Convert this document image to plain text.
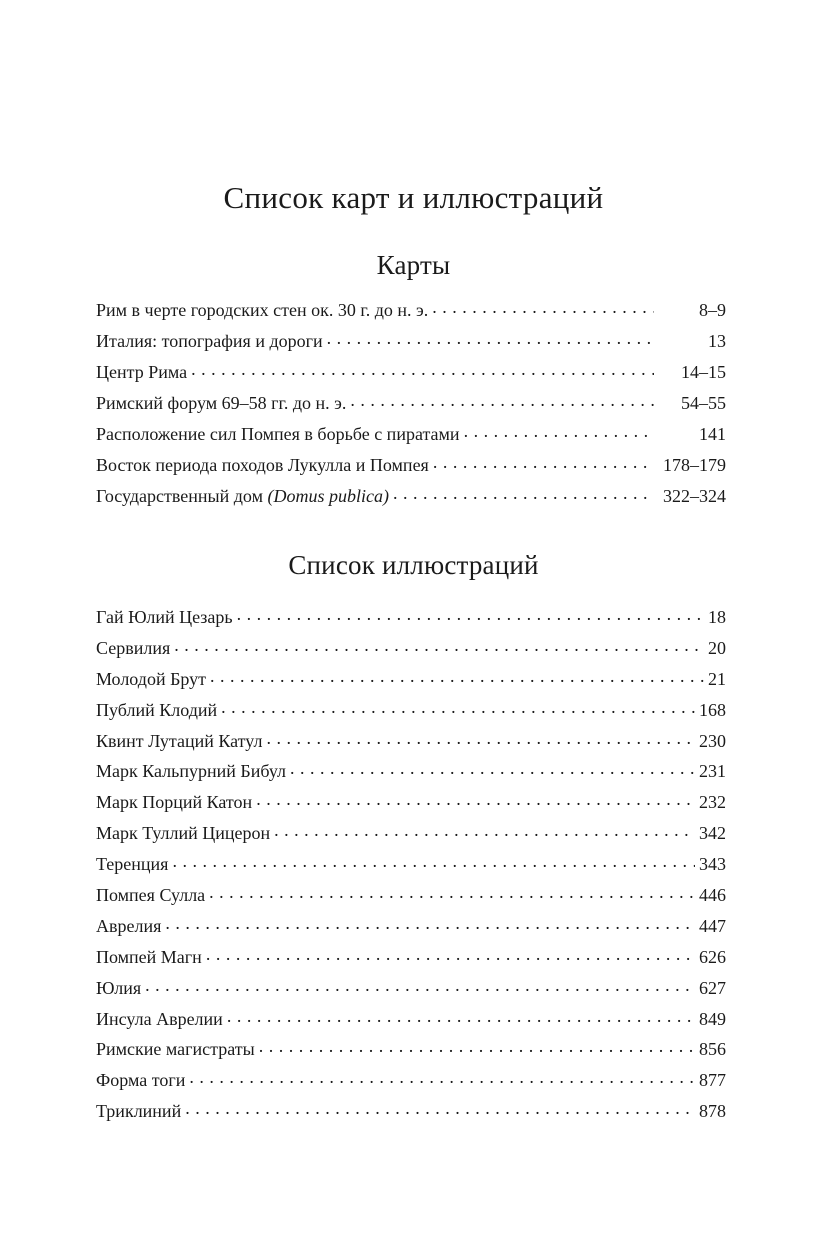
Список карт и иллюстраций
Карты
Рим в черте городских стен ок. 30 г. до н. э. . . .	8–9
Италия: топография и дороги . . .	13
Центр Рима . . .	14–15
Римский форум 69–58 гг. до н. э. . . .	54–55
Расположение сил Помпея в борьбе с пиратами . . .	141
Восток периода походов Лукулла и Помпея . . .	178–179
Государственный дом (Domus publica) . . .	322–324
Список иллюстраций
Гай Юлий Цезарь . . .	18
Сервилия . . .	20
Молодой Брут . . .	21
Публий Клодий . . .	168
Квинт Лутаций Катул . . .	230
Марк Кальпурний Бибул . . .	231
Марк Порций Катон . . .	232
Марк Туллий Цицерон . . .	342
Теренция . . .	343
Помпея Сулла . . .	446
Аврелия . . .	447
Помпей Магн . . .	626
Юлия . . .	627
Инсула Аврелии . . .	849
Римские магистраты . . .	856
Форма тоги . . .	877
Триклиний . . .	878
